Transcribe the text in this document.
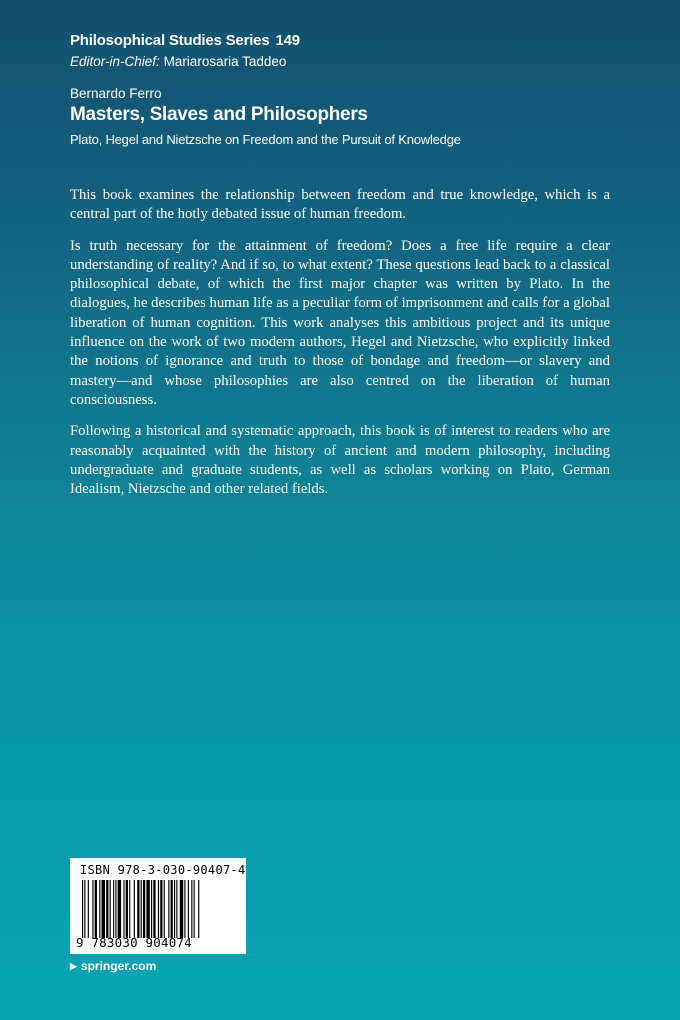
Philosophical Studies Series 149
Editor-in-Chief: Mariarosaria Taddeo
Bernardo Ferro
Masters, Slaves and Philosophers
Plato, Hegel and Nietzsche on Freedom and the Pursuit of Knowledge

This book examines the relationship between freedom and true knowledge, which is a central part of the hotly debated issue of human freedom.

Is truth necessary for the attainment of freedom? Does a free life require a clear understanding of reality? And if so, to what extent? These questions lead back to a classical philosophical debate, of which the first major chapter was written by Plato. In the dialogues, he describes human life as a peculiar form of imprisonment and calls for a global liberation of human cognition. This work analyses this ambitious project and its unique influence on the work of two modern authors, Hegel and Nietzsche, who explicitly linked the notions of ignorance and truth to those of bondage and freedom—or slavery and mastery—and whose philosophies are also centred on the liberation of human consciousness.

Following a historical and systematic approach, this book is of interest to readers who are reasonably acquainted with the history of ancient and modern philosophy, including undergraduate and graduate students, as well as scholars working on Plato, German Idealism, Nietzsche and other related fields.

ISBN 978-3-030-90407-4
9 783030 904074
▶ springer.com
